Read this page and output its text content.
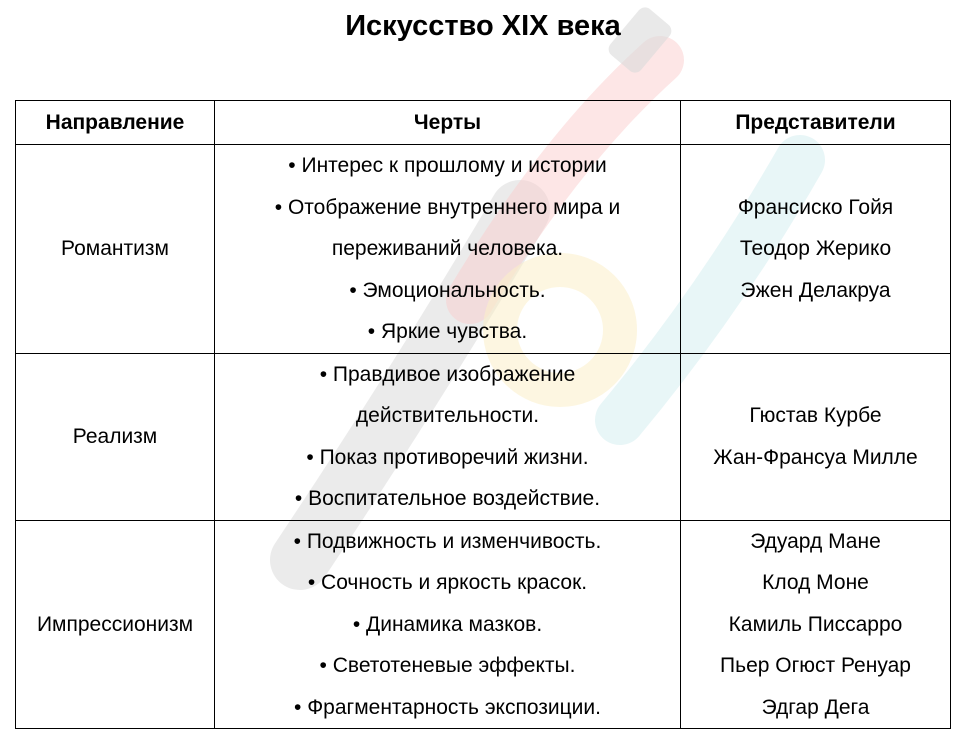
Искусство XIX века
Направление	Черты	Представители

Романтизм	• Интерес к прошлому и истории
• Отображение внутреннего мира и
переживаний человека.
• Эмоциональность.
• Яркие чувства.	Франсиско Гойя
Теодор Жерико
Эжен Делакруа

Реализм	• Правдивое изображение
действительности.
• Показ противоречий жизни.
• Воспитательное воздействие.	Гюстав Курбе
Жан-Франсуа Милле

Импрессионизм	• Подвижность и изменчивость.
• Сочность и яркость красок.
• Динамика мазков.
• Светотеневые эффекты.
• Фрагментарность экспозиции.	Эдуард Мане
Клод Моне
Камиль Писсарро
Пьер Огюст Ренуар
Эдгар Дега
